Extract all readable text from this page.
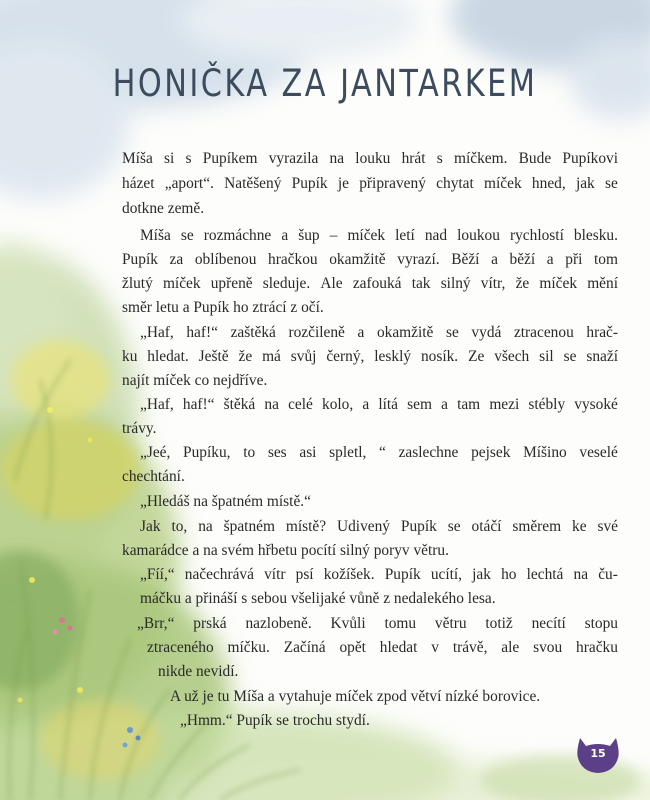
HONIČKA ZA JANTARKEM
Míša si s Pupíkem vyrazila na louku hrát s míčkem. Bude Pupíkovi
házet „aport“. Natěšený Pupík je připravený chytat míček hned, jak se
dotkne země.
Míša se rozmáchne a šup – míček letí nad loukou rychlostí blesku.
Pupík za oblíbenou hračkou okamžitě vyrazí. Běží a běží a při tom
žlutý míček upřeně sleduje. Ale zafouká tak silný vítr, že míček mění
směr letu a Pupík ho ztrácí z očí.
„Haf, haf!“ zaštěká rozčileně a okamžitě se vydá ztracenou hrač-
ku hledat. Ještě že má svůj černý, lesklý nosík. Ze všech sil se snaží
najít míček co nejdříve.
„Haf, haf!“ štěká na celé kolo, a lítá sem a tam mezi stébly vysoké
trávy.
„Jeé, Pupíku, to ses asi spletl, “ zaslechne pejsek Míšino veselé
chechtání.
„Hledáš na špatném místě.“
Jak to, na špatném místě? Udivený Pupík se otáčí směrem ke své
kamarádce a na svém hřbetu pocítí silný poryv větru.
„Fíí,“ načechrává vítr psí kožíšek. Pupík ucítí, jak ho lechtá na ču-
máčku a přináší s sebou všelijaké vůně z nedalekého lesa.
„Brr,“ prská nazlobeně. Kvůli tomu větru totiž necítí stopu
ztraceného míčku. Začíná opět hledat v trávě, ale svou hračku
nikde nevidí.
A už je tu Míša a vytahuje míček zpod větví nízké borovice.
„Hmm.“ Pupík se trochu stydí.
15
